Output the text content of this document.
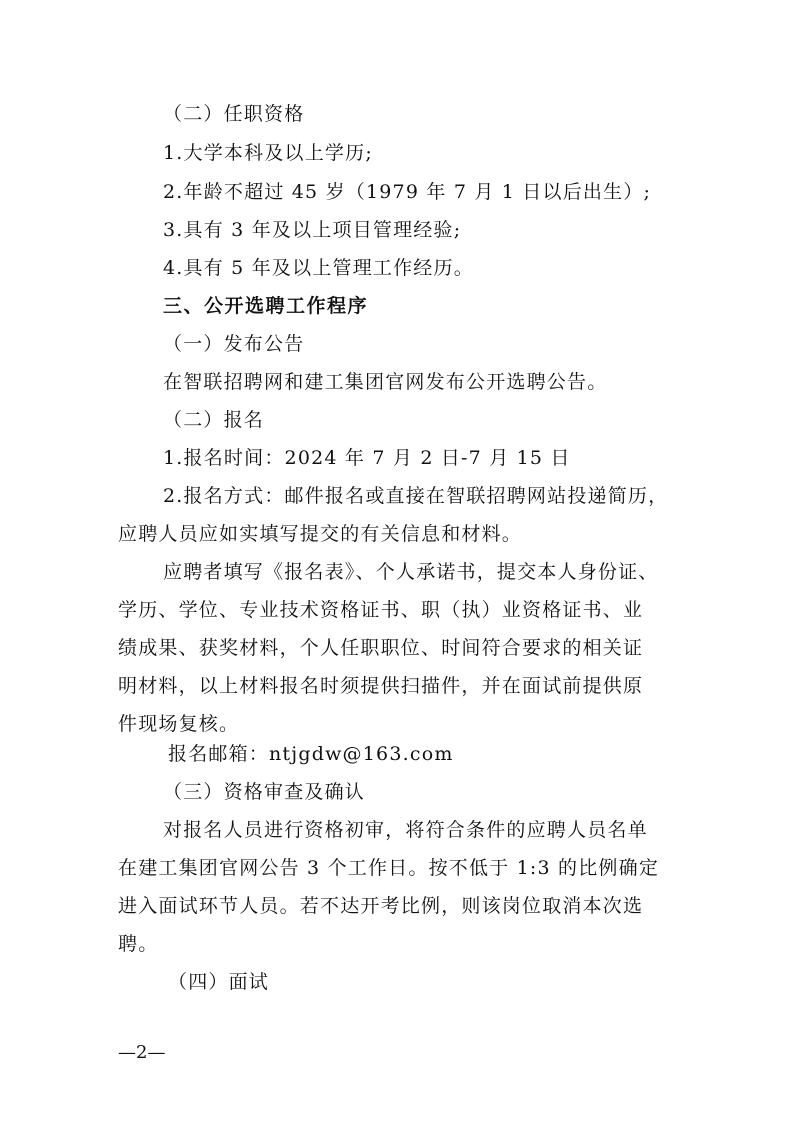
（二）任职资格
1.大学本科及以上学历;
2.年龄不超过 45 岁（1979 年 7 月 1 日以后出生）;
3.具有 3 年及以上项目管理经验;
4.具有 5 年及以上管理工作经历。
三、公开选聘工作程序
（一）发布公告
在智联招聘网和建工集团官网发布公开选聘公告。
（二）报名
1.报名时间：2024 年 7 月 2 日-7 月 15 日
2.报名方式：邮件报名或直接在智联招聘网站投递简历，
应聘人员应如实填写提交的有关信息和材料。
应聘者填写《报名表》、个人承诺书，提交本人身份证、
学历、学位、专业技术资格证书、职（执）业资格证书、业
绩成果、获奖材料，个人任职职位、时间符合要求的相关证
明材料，以上材料报名时须提供扫描件，并在面试前提供原
件现场复核。
报名邮箱：ntjgdw@163.com
（三）资格审查及确认
对报名人员进行资格初审，将符合条件的应聘人员名单
在建工集团官网公告 3 个工作日。按不低于 1:3 的比例确定
进入面试环节人员。若不达开考比例，则该岗位取消本次选
聘。
（四）面试
—2—
